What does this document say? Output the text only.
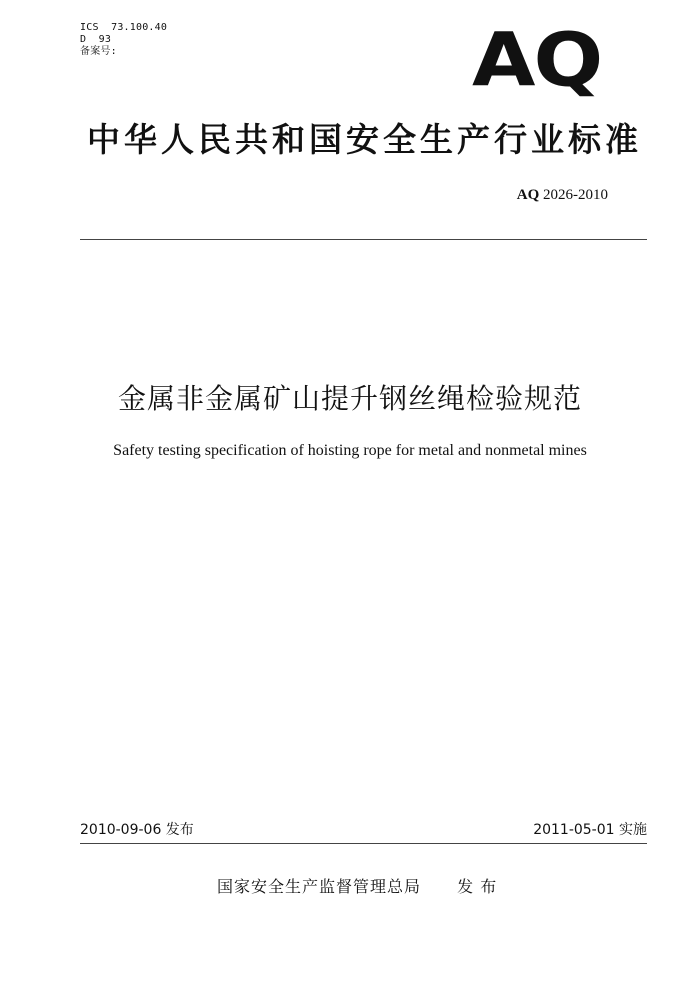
ICS  73.100.40
D  93
备案号:	AQ
中华人民共和国安全生产行业标准
AQ 2026-2010
金属非金属矿山提升钢丝绳检验规范
Safety testing specification of hoisting rope for metal and nonmetal mines
2010-09-06 发布	2011-05-01 实施
国家安全生产监督管理总局 发 布
